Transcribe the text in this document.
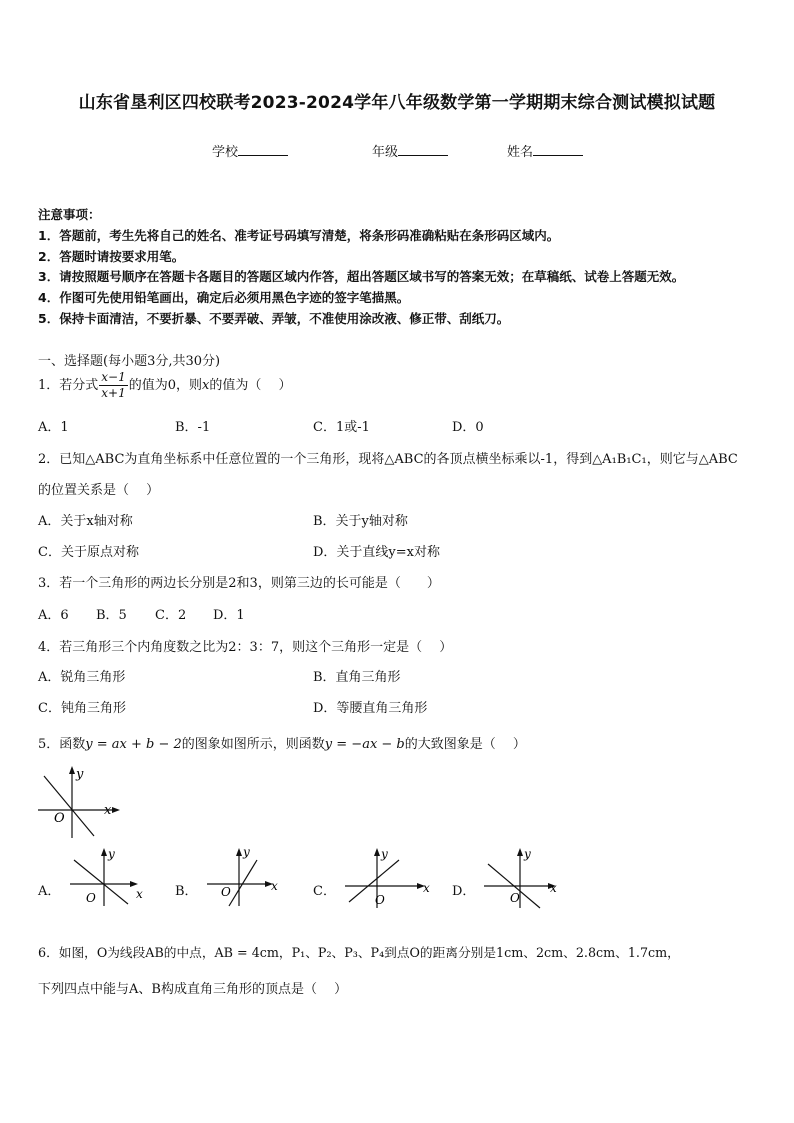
山东省垦利区四校联考2023-2024学年八年级数学第一学期期末综合测试模拟试题
学校	年级	姓名
注意事项：
1．答题前，考生先将自己的姓名、准考证号码填写清楚，将条形码准确粘贴在条形码区域内。
2．答题时请按要求用笔。
3．请按照题号顺序在答题卡各题目的答题区域内作答，超出答题区域书写的答案无效；在草稿纸、试卷上答题无效。
4．作图可先使用铅笔画出，确定后必须用黑色字迹的签字笔描黑。
5．保持卡面清洁，不要折暴、不要弄破、弄皱，不准使用涂改液、修正带、刮纸刀。
一、选择题(每小题3分,共30分)
1．若分式 $\frac{x-1}{x+1}$ 的值为0，则x的值为（　 ）
A．1	B．-1	C．1或-1	D．0
2．已知△ABC为直角坐标系中任意位置的一个三角形，现将△ABC的各顶点横坐标乘以-1，得到△A₁B₁C₁，则它与△ABC
的位置关系是（　 ）
A．关于x轴对称	B．关于y轴对称
C．关于原点对称	D．关于直线y=x对称
3．若一个三角形的两边长分别是2和3，则第三边的长可能是（　　）
A．6 B．5 C．2 D．1
4．若三角形三个内角度数之比为2：3：7，则这个三角形一定是（　 ）
A．锐角三角形	B．直角三角形
C．钝角三角形	D．等腰直角三角形
5．函数y = ax + b − 2的图象如图所示，则函数y = −ax − b的大致图象是（　 ）
x
y
O
A．	x
y
O	B．	x
y
O	C．	x
y
O
D．	x
y
O
6．如图，O为线段AB的中点，AB = 4cm，P₁、P₂、P₃、P₄到点O的距离分别是1cm、2cm、2.8cm、1.7cm，
下列四点中能与A、B构成直角三角形的顶点是（　 ）
